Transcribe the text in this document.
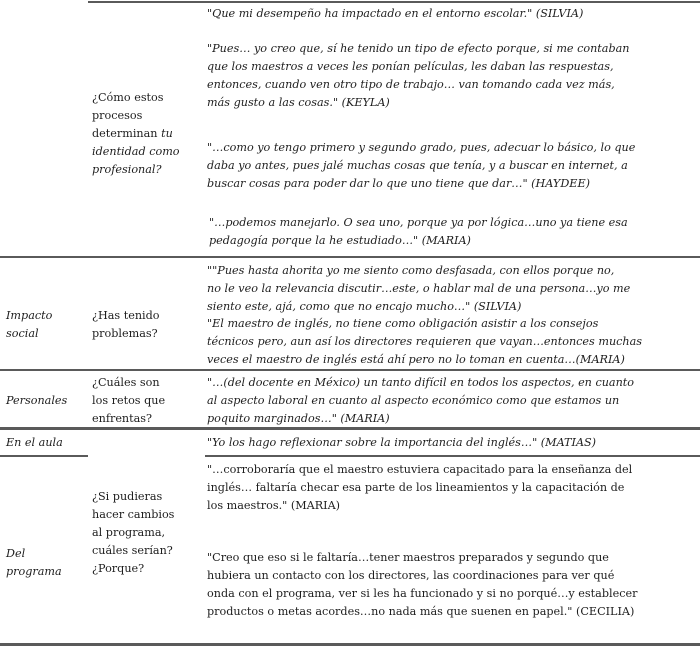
¿Cómo estos
procesos
determinan tu
identidad como
profesional?

"Que mi desempeño ha impactado en el entorno escolar." (SILVIA)

"Pues… yo creo que, sí he tenido un tipo de efecto porque, si me contaban

que los maestros a veces les ponían películas, les daban las respuestas,

entonces, cuando ven otro tipo de trabajo… van tomando cada vez más,

más gusto a las cosas." (KEYLA)

"…como yo tengo primero y segundo grado, pues, adecuar lo básico, lo que

daba yo antes, pues jalé muchas cosas que tenía, y a buscar en internet, a

buscar cosas para poder dar lo que uno tiene que dar…" (HAYDEE)

"…podemos manejarlo. O sea uno, porque ya por lógica…uno ya tiene esa

pedagogía porque la he estudiado…" (MARIA)

Impacto
social
¿Has tenido
problemas?

""Pues hasta ahorita yo me siento como desfasada, con ellos porque no,

no le veo la relevancia discutir…este, o hablar mal de una persona…yo me

siento este, ajá, como que no encajo mucho…" (SILVIA)

"El maestro de inglés, no tiene como obligación asistir a los consejos

técnicos pero, aun así los directores requieren que vayan…entonces muchas

veces el maestro de inglés está ahí pero no lo toman en cuenta…(MARIA)

Personales
¿Cuáles son
los retos que
enfrentas?

"…(del docente en México) un tanto difícil en todos los aspectos, en cuanto

al aspecto laboral en cuanto al aspecto económico como que estamos un

poquito marginados…" (MARIA)

En el aula	"Yo los hago reflexionar sobre la importancia del inglés…" (MATIAS)

Del
programa
¿Si pudieras
hacer cambios
al programa,
cuáles serían?
¿Porque?

"…corroboraría que el maestro estuviera capacitado para la enseñanza del

inglés… faltaría checar esa parte de los lineamientos y la capacitación de

los maestros." (MARIA)

"Creo que eso si le faltaría…tener maestros preparados y segundo que

hubiera un contacto con los directores, las coordinaciones para ver qué

onda con el programa, ver si les ha funcionado y si no porqué…y establecer

productos o metas acordes…no nada más que suenen en papel." (CECILIA)
